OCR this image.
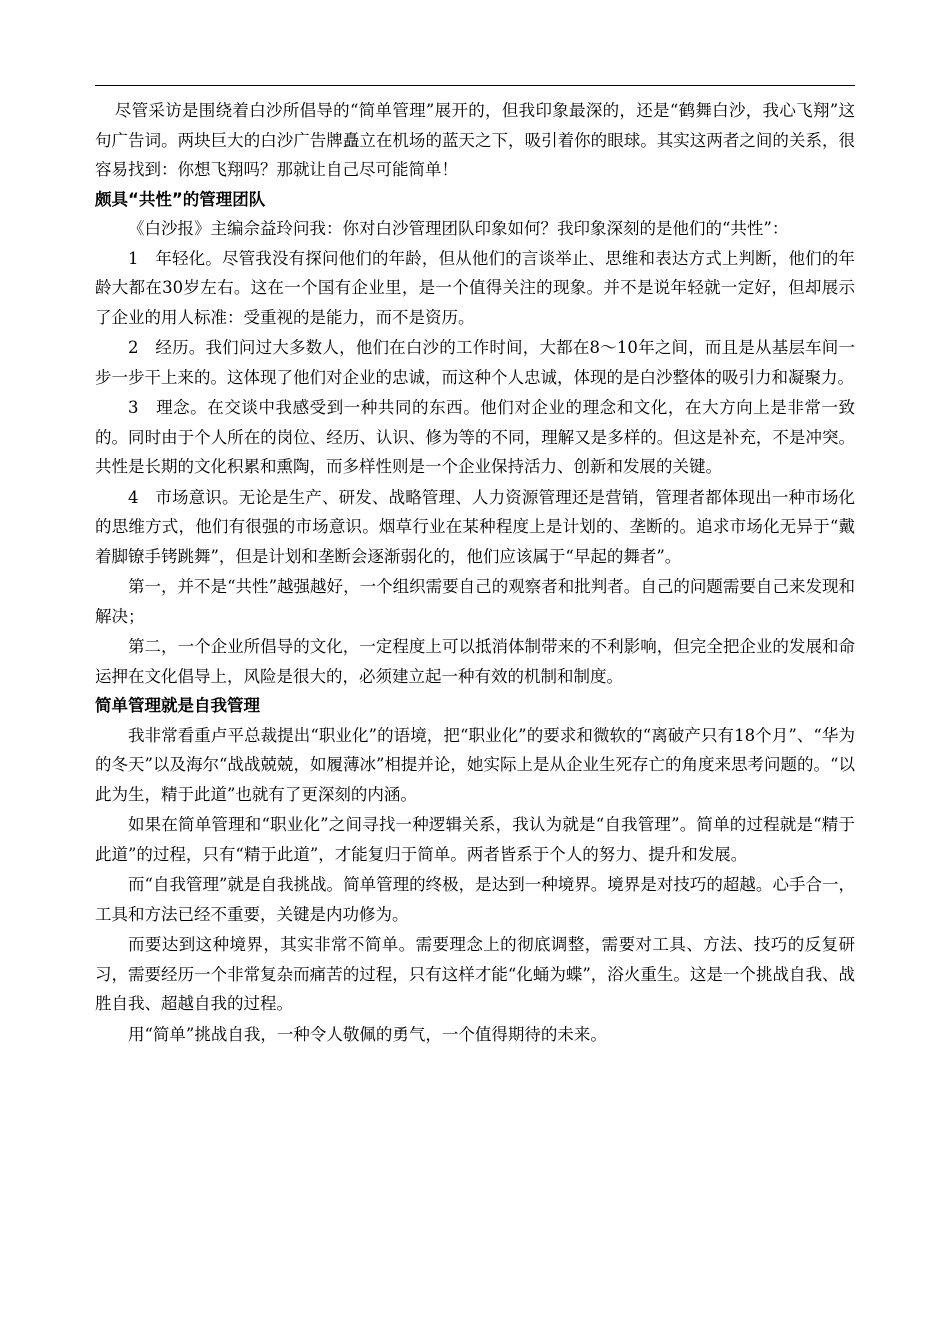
尽管采访是围绕着白沙所倡导的“简单管理”展开的，但我印象最深的，还是“鹤舞白沙，我心飞翔”这句广告词。两块巨大的白沙广告牌矗立在机场的蓝天之下，吸引着你的眼球。其实这两者之间的关系，很容易找到：你想飞翔吗？那就让自己尽可能简单！

颇具“共性”的管理团队

《白沙报》主编佘益玲问我：你对白沙管理团队印象如何？我印象深刻的是他们的“共性”：

1　年轻化。尽管我没有探问他们的年龄，但从他们的言谈举止、思维和表达方式上判断，他们的年龄大都在30岁左右。这在一个国有企业里，是一个值得关注的现象。并不是说年轻就一定好，但却展示了企业的用人标准：受重视的是能力，而不是资历。

2　经历。我们问过大多数人，他们在白沙的工作时间，大都在8～10年之间，而且是从基层车间一步一步干上来的。这体现了他们对企业的忠诚，而这种个人忠诚，体现的是白沙整体的吸引力和凝聚力。

3　理念。在交谈中我感受到一种共同的东西。他们对企业的理念和文化，在大方向上是非常一致的。同时由于个人所在的岗位、经历、认识、修为等的不同，理解又是多样的。但这是补充，不是冲突。共性是长期的文化积累和熏陶，而多样性则是一个企业保持活力、创新和发展的关键。

4　市场意识。无论是生产、研发、战略管理、人力资源管理还是营销，管理者都体现出一种市场化的思维方式，他们有很强的市场意识。烟草行业在某种程度上是计划的、垄断的。追求市场化无异于“戴着脚镣手铐跳舞”，但是计划和垄断会逐渐弱化的，他们应该属于“早起的舞者”。

第一，并不是“共性”越强越好，一个组织需要自己的观察者和批判者。自己的问题需要自己来发现和解决；

第二，一个企业所倡导的文化，一定程度上可以抵消体制带来的不利影响，但完全把企业的发展和命运押在文化倡导上，风险是很大的，必须建立起一种有效的机制和制度。

简单管理就是自我管理

我非常看重卢平总裁提出“职业化”的语境，把“职业化”的要求和微软的“离破产只有18个月”、“华为的冬天”以及海尔“战战兢兢，如履薄冰”相提并论，她实际上是从企业生死存亡的角度来思考问题的。“以此为生，精于此道”也就有了更深刻的内涵。

如果在简单管理和“职业化”之间寻找一种逻辑关系，我认为就是“自我管理”。简单的过程就是“精于此道”的过程，只有“精于此道”，才能复归于简单。两者皆系于个人的努力、提升和发展。

而“自我管理”就是自我挑战。简单管理的终极，是达到一种境界。境界是对技巧的超越。心手合一，工具和方法已经不重要，关键是内功修为。

而要达到这种境界，其实非常不简单。需要理念上的彻底调整，需要对工具、方法、技巧的反复研习，需要经历一个非常复杂而痛苦的过程，只有这样才能“化蛹为蝶”，浴火重生。这是一个挑战自我、战胜自我、超越自我的过程。

用“简单”挑战自我，一种令人敬佩的勇气，一个值得期待的未来。
